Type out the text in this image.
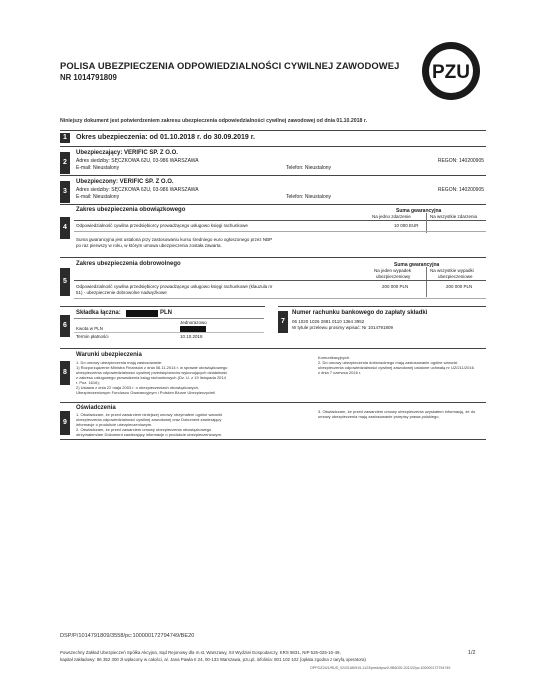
POLISA UBEZPIECZENIA ODPOWIEDZIALNOŚCI CYWILNEJ ZAWODOWEJ
NR 1014791809	PZU
Niniejszy dokument jest potwierdzeniem zakresu ubezpieczenia odpowiedzialności cywilnej zawodowej od dnia 01.10.2018 r.
1	Okres ubezpieczenia: od 01.10.2018 r. do 30.09.2019 r.
2
Ubezpieczający: VERIFIC SP. Z O.O.
Adres siedziby: SĘCZKOWA 62U, 03-986 WARSZAWA
E-mail: Nieustalony	Telefon: Nieustalony
REGON: 140200905
3
Ubezpieczony: VERIFIC SP. Z O.O.
Adres siedziby: SĘCZKOWA 62U, 03-986 WARSZAWA
E-mail: Nieustalony	Telefon: Nieustalony
REGON: 140200905
4
Zakres ubezpieczenia obowiązkowego	Suma gwarancyjna
Na jedno zdarzenie	Na wszystkie zdarzenia
Odpowiedzialność cywilna przedsiębiorcy prowadzącego usługowo księgi rachunkowe	10 000 EUR
Suma gwarancyjna jest ustalona przy zastosowaniu kursu średniego euro ogłoszonego przez NBP
po raz pierwszy w roku, w którym umowa ubezpieczenia została zawarta.
5
Zakres ubezpieczenia dobrowolnego	Suma gwarancyjna
Na jeden wypadek
ubezpieczeniowy
Na wszystkie wypadki
ubezpieczeniowe
Odpowiedzialność cywilna przedsiębiorcy prowadzącego usługowo księgi rachunkowe (klauzula nr
51) - ubezpieczenie dobrowolne nadwyżkowe
200 000 PLN	200 000 PLN
6
Składka łączna:	PLN
Jednorazowo
Kwota w PLN
Termin płatności	10.10.2018
7
Numer rachunku bankowego do zapłaty składki
06 1020 1026 2881 0110 1364 3952
W tytule przelewu prosimy wpisać: Nr 1014791809
8
Warunki ubezpieczenia
1. Do umowy ubezpieczenia mają zastosowanie:
1) Rozporządzenie Ministra Finansów z dnia 06.11.2014 r. w sprawie obowiązkowego
ubezpieczenia odpowiedzialności cywilnej przedsiębiorców wykonujących działalność
z zakresu usługowego prowadzenia ksiąg rachunkowych (Dz. U. z 19 listopada 2014
r. Poz. 1616);
2) Ustawa z dnia 22 maja 2003 r. o ubezpieczeniach obowiązkowych,
Ubezpieczeniowym Funduszu Gwarancyjnym i Polskim Biurze Ubezpieczycieli
Komunikacyjnych.
2. Do umowy ubezpieczenia dobrowolnego mają zastosowanie ogólne warunki
ubezpieczenia odpowiedzialności cywilnej zawodowej ustalone uchwałą nr UZ/211/2016
z dnia 7 czerwca 2016 r.
9
Oświadczenia
1. Oświadczam, że przed zawarciem niniejszej umowy otrzymałem ogólne warunki
ubezpieczenia odpowiedzialności cywilnej zawodowej oraz Dokument zawierający
informacje o produkcie ubezpieczeniowym.
2. Oświadczam, że przed zawarciem umowy ubezpieczenia obowiązkowego
otrzymałem/am Dokument zawierający informacje o produkcie ubezpieczeniowym.
3. Oświadczam, że przed zawarciem umowy ubezpieczenia uzyskałem informację, że do
umowy ubezpieczenia mają zastosowanie przepisy prawa polskiego.
DSP/P/1014791809/3558/pc:100000172794749/BE20
Powszechny Zakład Ubezpieczeń Spółka Akcyjna, Sąd Rejonowy dla m.st. Warszawy, XII Wydział Gospodarczy, KRS 9831, NIP 526-025-10-49,
kapitał zakładowy: 86 352 300 zł wpłacony w całości, al. Jana Pawła II 24, 00-133 Warszawa, pzu.pl, infolinia: 801 102 102 (opłata zgodna z taryfą operatora)
1/2
OPPOZ24/1/RUS_02/20180919-1123/pred/dpsz0-9B6020-2013/2/pc:100000172794749
